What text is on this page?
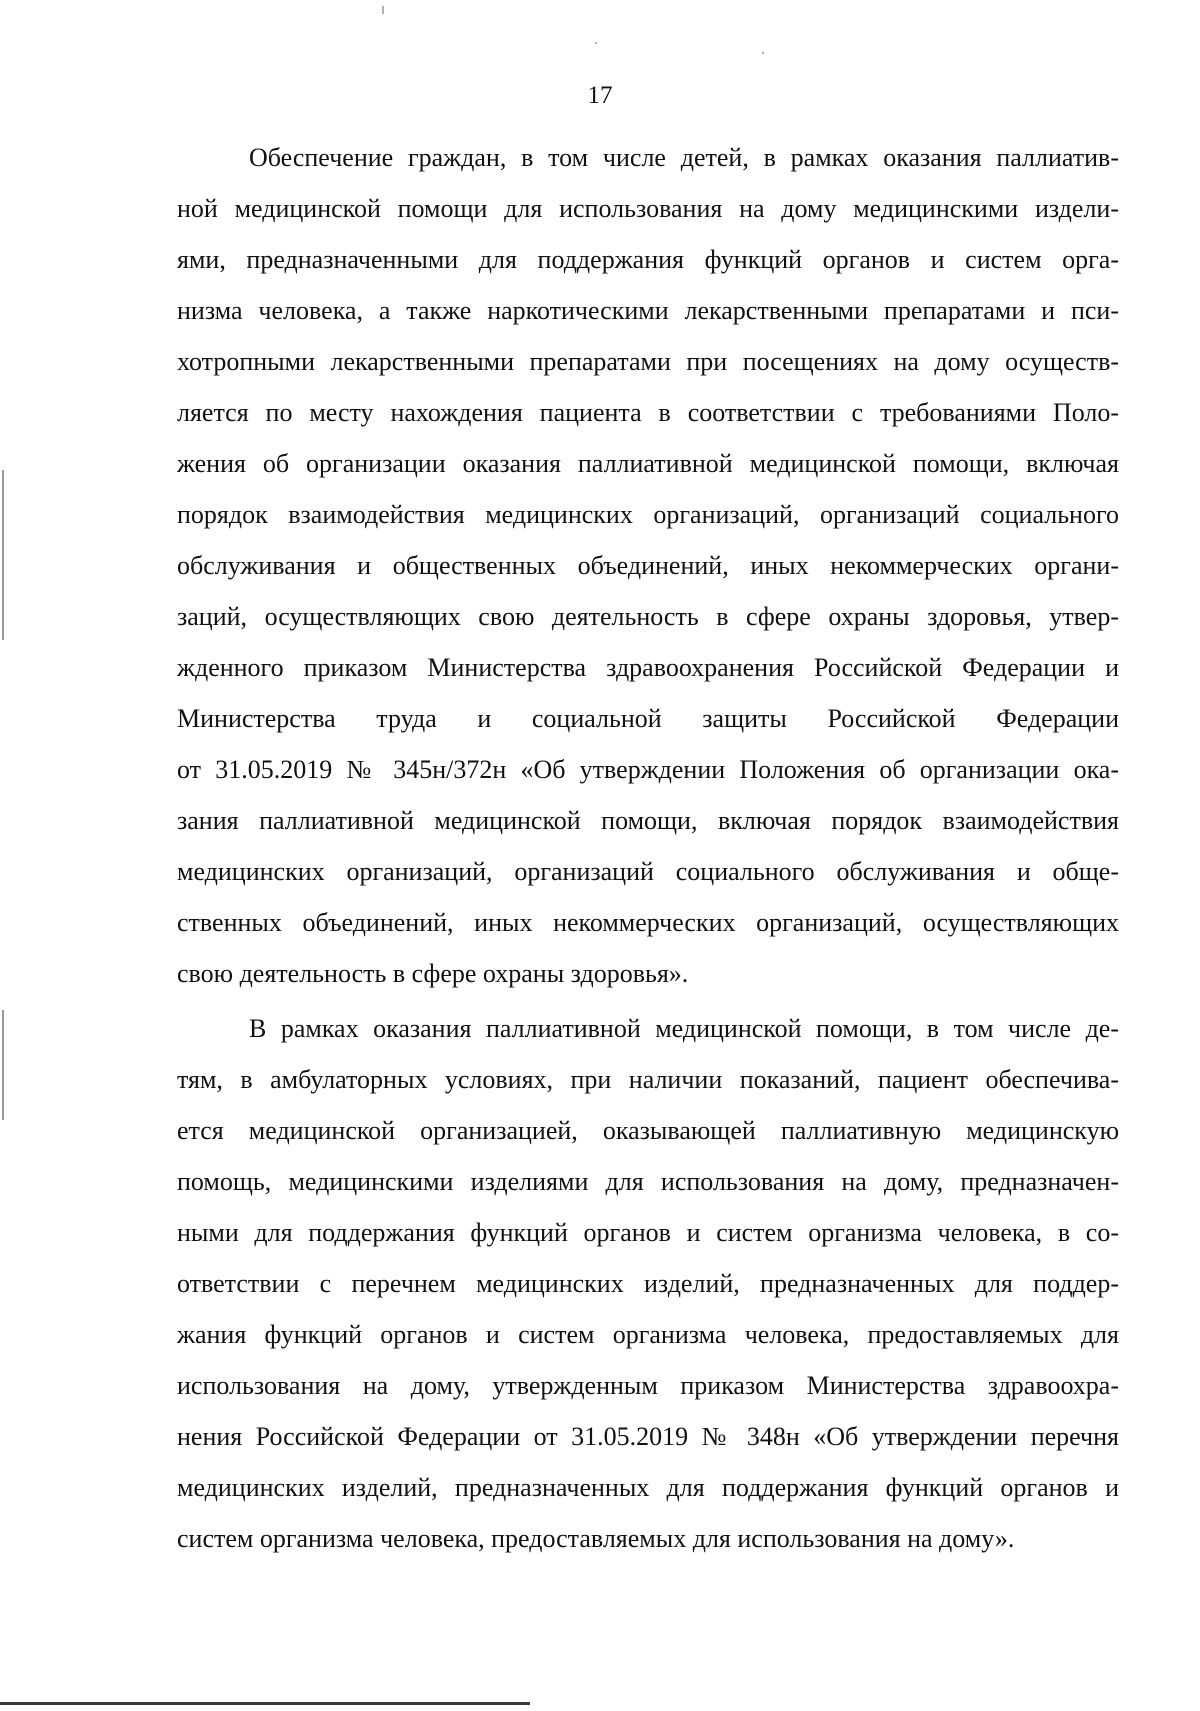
17
Обеспечение граждан, в том числе детей, в рамках оказания паллиатив-
ной медицинской помощи для использования на дому медицинскими издели-
ями, предназначенными для поддержания функций органов и систем орга-
низма человека, а также наркотическими лекарственными препаратами и пси-
хотропными лекарственными препаратами при посещениях на дому осуществ-
ляется по месту нахождения пациента в соответствии с требованиями Поло-
жения об организации оказания паллиативной медицинской помощи, включая
порядок взаимодействия медицинских организаций, организаций социального
обслуживания и общественных объединений, иных некоммерческих органи-
заций, осуществляющих свою деятельность в сфере охраны здоровья, утвер-
жденного приказом Министерства здравоохранения Российской Федерации и
Министерства труда и социальной защиты Российской Федерации
от 31.05.2019 № 345н/372н «Об утверждении Положения об организации ока-
зания паллиативной медицинской помощи, включая порядок взаимодействия
медицинских организаций, организаций социального обслуживания и обще-
ственных объединений, иных некоммерческих организаций, осуществляющих
свою деятельность в сфере охраны здоровья».
В рамках оказания паллиативной медицинской помощи, в том числе де-
тям, в амбулаторных условиях, при наличии показаний, пациент обеспечива-
ется медицинской организацией, оказывающей паллиативную медицинскую
помощь, медицинскими изделиями для использования на дому, предназначен-
ными для поддержания функций органов и систем организма человека, в со-
ответствии с перечнем медицинских изделий, предназначенных для поддер-
жания функций органов и систем организма человека, предоставляемых для
использования на дому, утвержденным приказом Министерства здравоохра-
нения Российской Федерации от 31.05.2019 № 348н «Об утверждении перечня
медицинских изделий, предназначенных для поддержания функций органов и
систем организма человека, предоставляемых для использования на дому».
